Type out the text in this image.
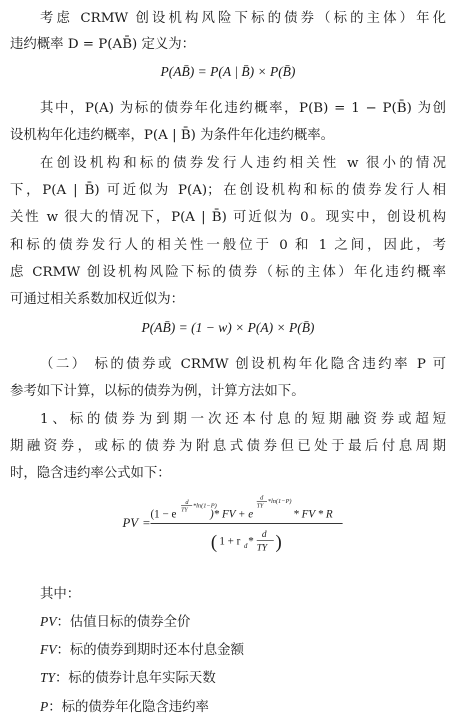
考虑 CRMW 创设机构风险下标的债券（标的主体）年化
违约概率 D = P(AB̄) 定义为：
P(AB̄) = P(A | B̄) × P(B̄)
其中，P(A) 为标的债券年化违约概率，P(B) = 1 − P(B̄) 为创
设机构年化违约概率，P(A | B̄) 为条件年化违约概率。
在创设机构和标的债券发行人违约相关性 w 很小的情况
下，P(A | B̄) 可近似为 P(A)；在创设机构和标的债券发行人相
关性 w 很大的情况下，P(A | B̄) 可近似为 0。现实中，创设机构
和标的债券发行人的相关性一般位于 0 和 1 之间，因此，考
虑 CRMW 创设机构风险下标的债券（标的主体）年化违约概率
可通过相关系数加权近似为：
P(AB̄) = (1 − w) × P(A) × P(B̄)
（二） 标的债券或 CRMW 创设机构年化隐含违约率 P 可
参考如下计算，以标的债券为例，计算方法如下。
1、标的债券为到期一次还本付息的短期融资券或超短
期融资券，或标的债券为附息式债券但已处于最后付息周期
时，隐含违约率公式如下：
PV =
(1 − e
d
TY
*ln(1−P)
)* FV + e
d
TY
*ln(1−P)
* FV * R
( 1 + r d *
d
TY )
其中：
PV：估值日标的债券全价
FV：标的债券到期时还本付息金额
TY：标的债券计息年实际天数
P：标的债券年化隐含违约率
